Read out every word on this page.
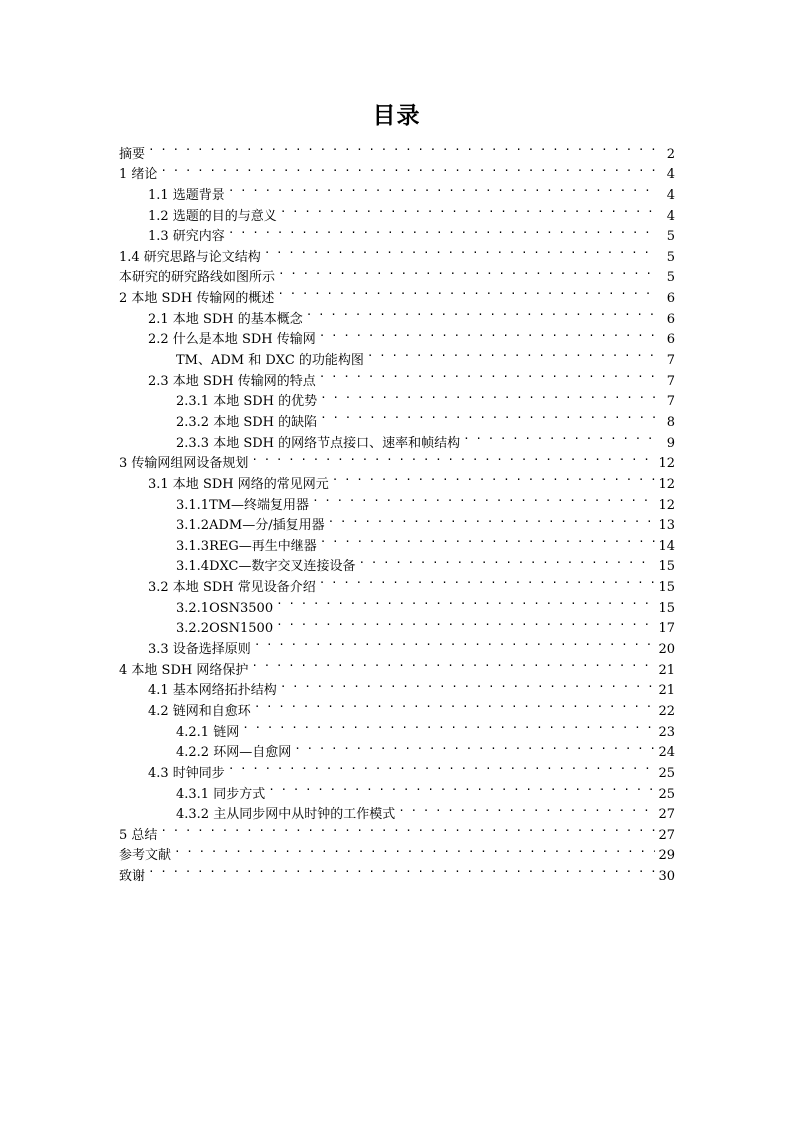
目录
摘要 . . .	2
1 绪论 . . .	4
1.1 选题背景 . . .	4
1.2 选题的目的与意义 . . .	4
1.3 研究内容 . . .	5
1.4 研究思路与论文结构 . . .	5
本研究的研究路线如图所示 . . .	5
2 本地 SDH 传输网的概述 . . .	6
2.1 本地 SDH 的基本概念 . . .	6
2.2 什么是本地 SDH 传输网 . . .	6
TM、ADM 和 DXC 的功能构图 . . .	7
2.3 本地 SDH 传输网的特点 . . .	7
2.3.1 本地 SDH 的优势 . . .	7
2.3.2 本地 SDH 的缺陷 . . .	8
2.3.3 本地 SDH 的网络节点接口、速率和帧结构 . . .	9
3 传输网组网设备规划 . . .	12
3.1 本地 SDH 网络的常见网元 . . .	12
3.1.1TM—终端复用器 . . .	12
3.1.2ADM—分/插复用器 . . .	13
3.1.3REG—再生中继器 . . .	14
3.1.4DXC—数字交叉连接设备 . . .	15
3.2 本地 SDH 常见设备介绍 . . .	15
3.2.1OSN3500 . . .	15
3.2.2OSN1500 . . .	17
3.3 设备选择原则 . . .	20
4 本地 SDH 网络保护 . . .	21
4.1 基本网络拓扑结构 . . .	21
4.2 链网和自愈环 . . .	22
4.2.1 链网 . . .	23
4.2.2 环网—自愈网 . . .	24
4.3 时钟同步 . . .	25
4.3.1 同步方式 . . .	25
4.3.2 主从同步网中从时钟的工作模式 . . .	27
5 总结 . . .	27
参考文献 . . .	29
致谢 . . .	30
